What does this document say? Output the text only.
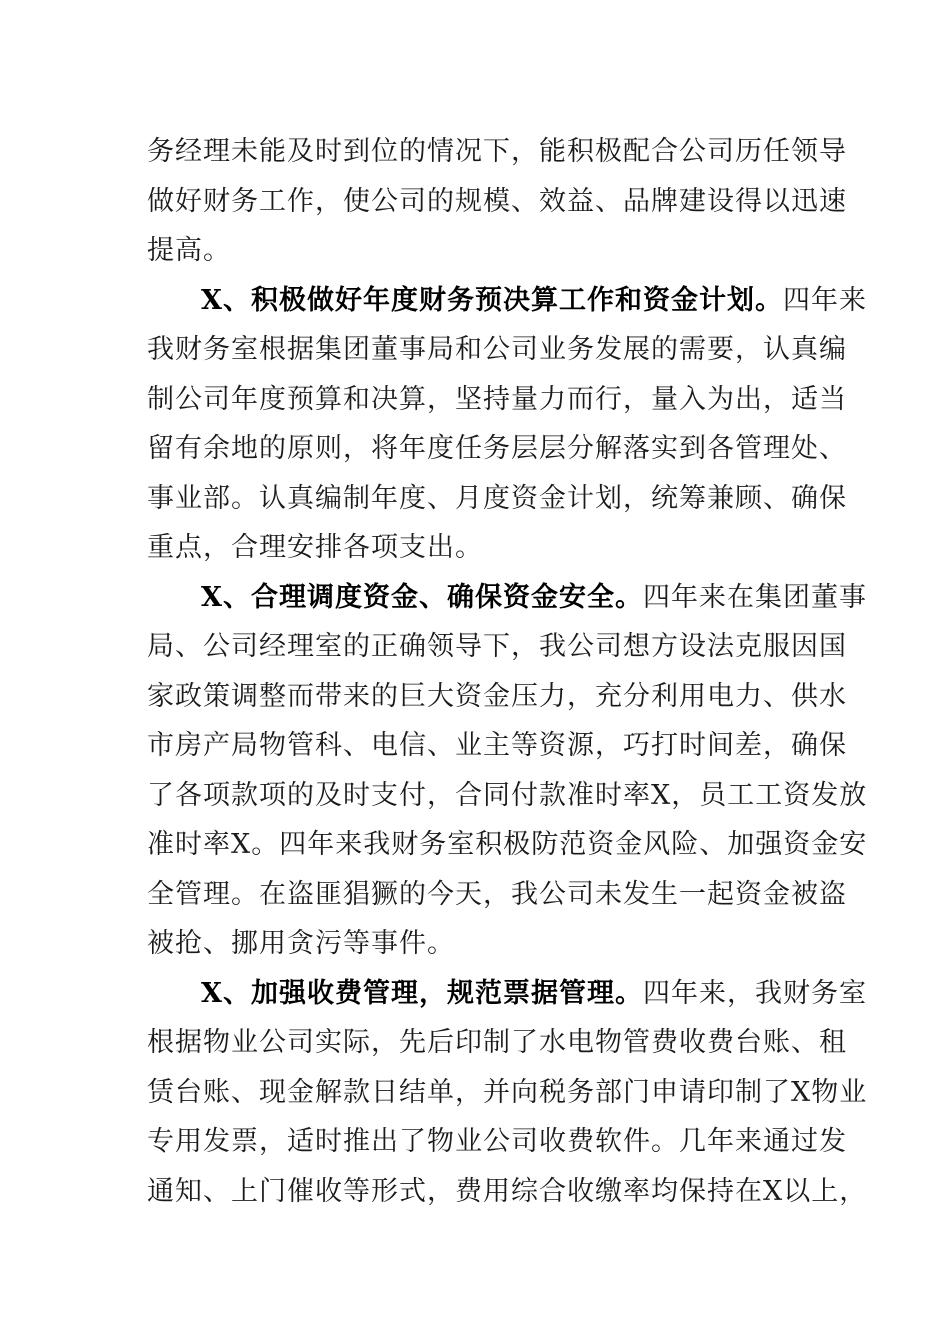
务经理未能及时到位的情况下，能积极配合公司历任领导
做好财务工作，使公司的规模、效益、品牌建设得以迅速
提高。
X、积极做好年度财务预决算工作和资金计划。四年来
我财务室根据集团董事局和公司业务发展的需要，认真编
制公司年度预算和决算，坚持量力而行，量入为出，适当
留有余地的原则，将年度任务层层分解落实到各管理处、
事业部。认真编制年度、月度资金计划，统筹兼顾、确保
重点，合理安排各项支出。
X、合理调度资金、确保资金安全。四年来在集团董事
局、公司经理室的正确领导下，我公司想方设法克服因国
家政策调整而带来的巨大资金压力，充分利用电力、供水
市房产局物管科、电信、业主等资源，巧打时间差，确保
了各项款项的及时支付，合同付款准时率X，员工工资发放
准时率X。四年来我财务室积极防范资金风险、加强资金安
全管理。在盗匪猖獗的今天，我公司未发生一起资金被盗
被抢、挪用贪污等事件。
X、加强收费管理，规范票据管理。四年来，我财务室
根据物业公司实际，先后印制了水电物管费收费台账、租
赁台账、现金解款日结单，并向税务部门申请印制了X物业
专用发票，适时推出了物业公司收费软件。几年来通过发
通知、上门催收等形式，费用综合收缴率均保持在X以上，
